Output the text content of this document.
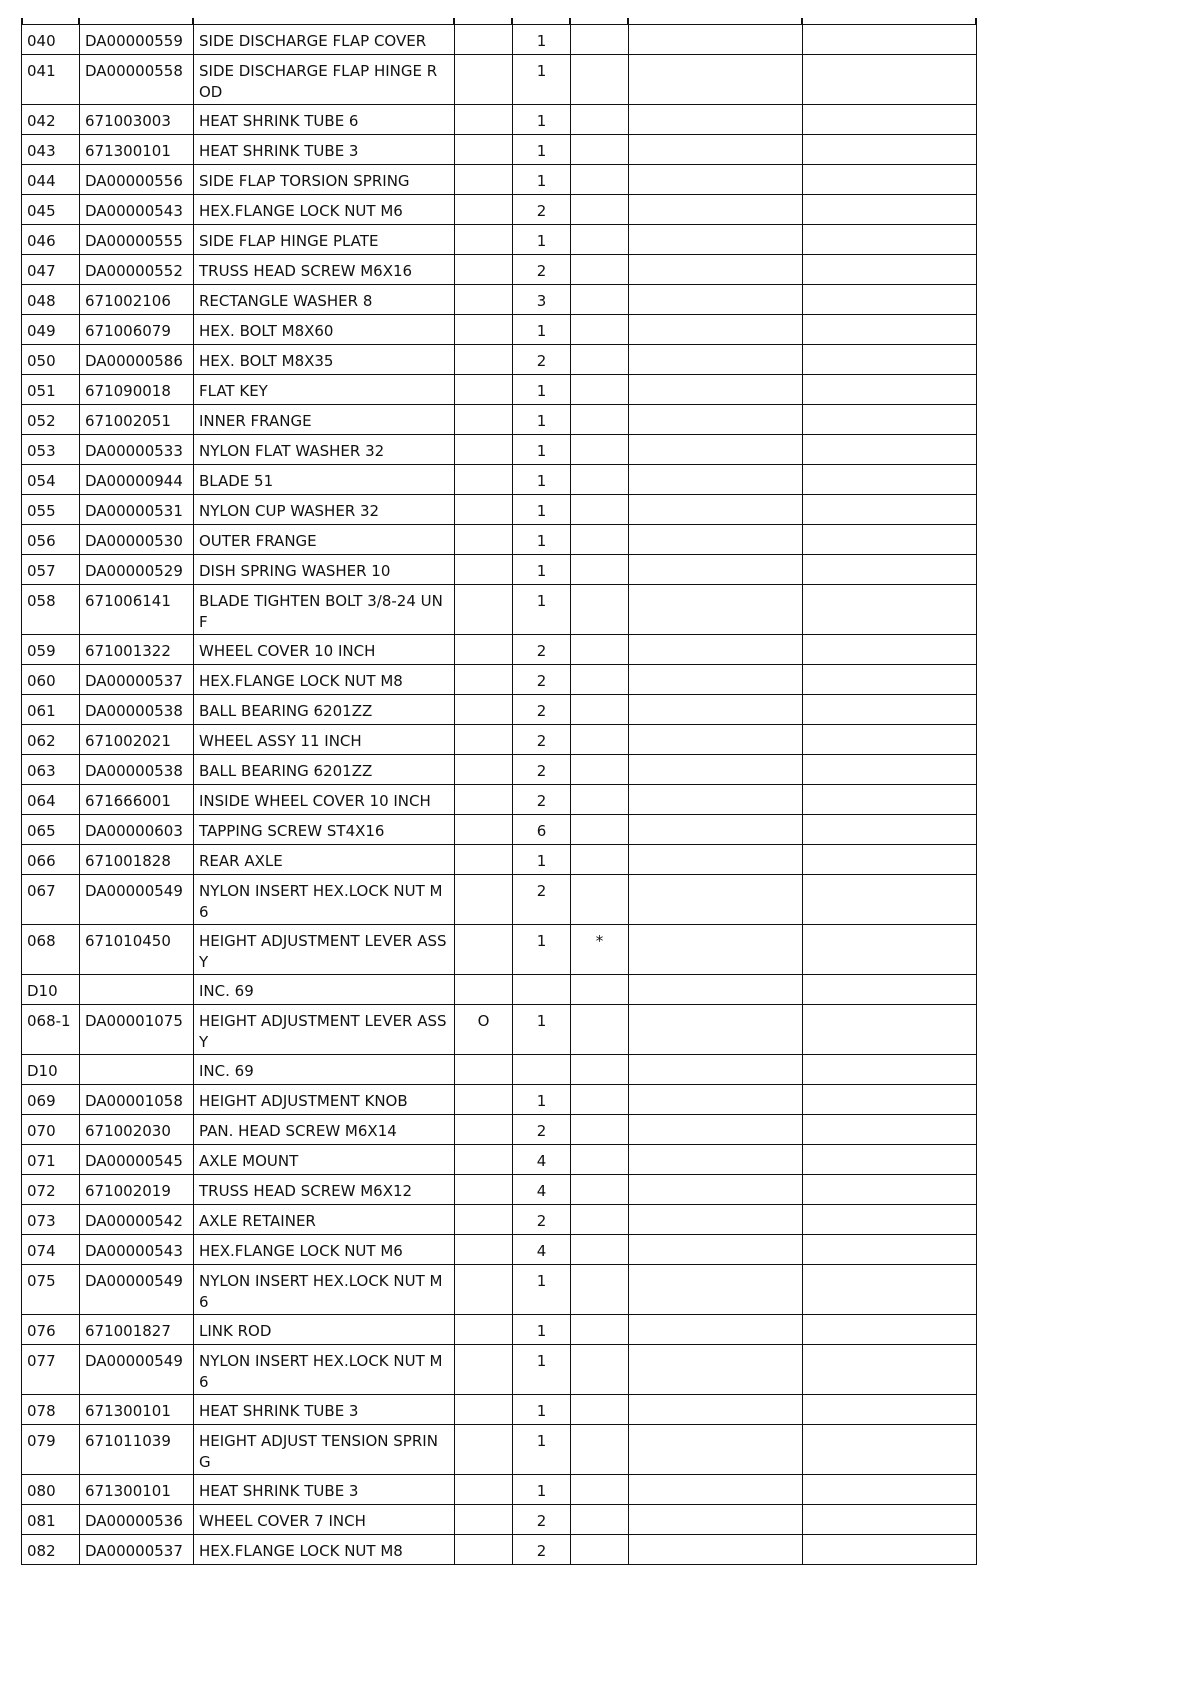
040	DA00000559	SIDE DISCHARGE FLAP COVER		1			
041	DA00000558	SIDE DISCHARGE FLAP HINGE R OD		1			
042	671003003	HEAT SHRINK TUBE 6		1			
043	671300101	HEAT SHRINK TUBE 3		1			
044	DA00000556	SIDE FLAP TORSION SPRING		1			
045	DA00000543	HEX.FLANGE LOCK NUT M6		2			
046	DA00000555	SIDE FLAP HINGE PLATE		1			
047	DA00000552	TRUSS HEAD SCREW M6X16		2			
048	671002106	RECTANGLE WASHER 8		3			
049	671006079	HEX. BOLT M8X60		1			
050	DA00000586	HEX. BOLT M8X35		2			
051	671090018	FLAT KEY		1			
052	671002051	INNER FRANGE		1			
053	DA00000533	NYLON FLAT WASHER 32		1			
054	DA00000944	BLADE 51		1			
055	DA00000531	NYLON CUP WASHER 32		1			
056	DA00000530	OUTER FRANGE		1			
057	DA00000529	DISH SPRING WASHER 10		1			
058	671006141	BLADE TIGHTEN BOLT 3/8-24 UN F		1			
059	671001322	WHEEL COVER 10 INCH		2			
060	DA00000537	HEX.FLANGE LOCK NUT M8		2			
061	DA00000538	BALL BEARING 6201ZZ		2			
062	671002021	WHEEL ASSY 11 INCH		2			
063	DA00000538	BALL BEARING 6201ZZ		2			
064	671666001	INSIDE WHEEL COVER 10 INCH		2			
065	DA00000603	TAPPING SCREW ST4X16		6			
066	671001828	REAR AXLE		1			
067	DA00000549	NYLON INSERT HEX.LOCK NUT M 6		2			
068	671010450	HEIGHT ADJUSTMENT LEVER ASS Y		1	*		
D10		INC. 69					
068-1	DA00001075	HEIGHT ADJUSTMENT LEVER ASS Y	O	1			
D10		INC. 69					
069	DA00001058	HEIGHT ADJUSTMENT KNOB		1			
070	671002030	PAN. HEAD SCREW M6X14		2			
071	DA00000545	AXLE MOUNT		4			
072	671002019	TRUSS HEAD SCREW M6X12		4			
073	DA00000542	AXLE RETAINER		2			
074	DA00000543	HEX.FLANGE LOCK NUT M6		4			
075	DA00000549	NYLON INSERT HEX.LOCK NUT M 6		1			
076	671001827	LINK ROD		1			
077	DA00000549	NYLON INSERT HEX.LOCK NUT M 6		1			
078	671300101	HEAT SHRINK TUBE 3		1			
079	671011039	HEIGHT ADJUST TENSION SPRIN G		1			
080	671300101	HEAT SHRINK TUBE 3		1			
081	DA00000536	WHEEL COVER 7 INCH		2			
082	DA00000537	HEX.FLANGE LOCK NUT M8		2			
